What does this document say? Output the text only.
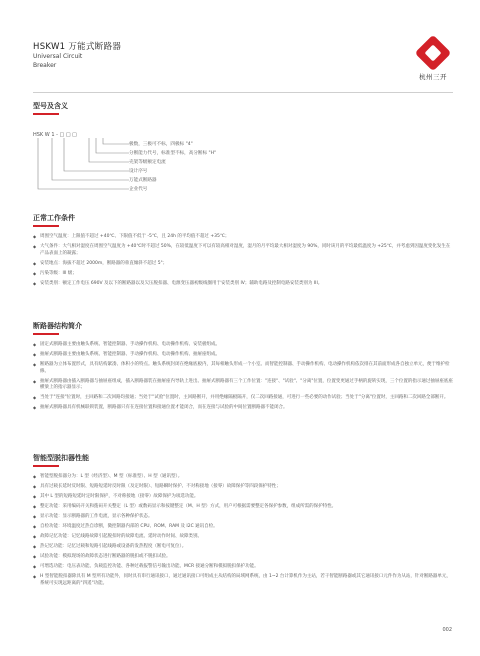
HSKW1 万能式断路器
Universal Circuit
Breaker
杭州三开
型号及含义
HSK W 1 - □ □ □
极数，三极可不标，四极标 "4"
分断能力代号，标准型不标，高分断标 "H"
壳架等级额定电流
设计序号
万能式断路器
企业代号
正常工作条件
◆ 周围空气温度：上限值不超过 +40℃、下限值不低于 -5℃，且 24h 的平均值不超过 +35℃；
◆ 大气条件：大气相对湿度在周围空气温度为 +40℃时不超过 50%，在较低温度下可以有较高相对湿度，湿月的月平均最大相对湿度为 90%，同时该月的平均最低温度为 +25℃，并考虑到因温度变化发生在产品表面上的凝露；
◆ 安装地点：海拔不超过 2000m，断路器的垂直倾斜不超过 5°；
◆ 污染等级：III 级；
◆ 安装类别：额定工作电压 690V 及以下的断路器以及欠压脱扣器、电源变压器初级线圈用于安装类别 IV；辅助电路及控制电路安装类别为 III。
断路器结构简介
◆ 固定式断路器主要由触头系统、智能控制器、手动操作机构、电动操作机构、安装板组成。
◆ 抽屉式断路器主要由触头系统、智能控制器、手动操作机构、电动操作机构、抽屉座组成。
◆ 断路器为立体布置形式，具有结构紧凑、体积小的特点。触头系统封闭在绝缘底板内，其每相触头形成一个小室。而智能控制器、手动操作机构、电动操作机构依次排在其前面形成各自独立单元，便于维护检修。
◆ 抽屉式断路器由插入断路器与抽屉座组成，插入断路器装在抽屉座内导轨上进出。抽屉式断路器有三个工作位置："连接"、"试验"、"分离"位置，位置变更通过手柄的旋转实现，三个位置的指示通过抽屉座底座横梁上的指示器显示；
◆ 当处于"连接"位置时，主回路和二次回路均接通；当处于"试验"位置时，主回路断开，并用绝缘隔板隔开，仅二次回路接通，可进行一些必要的动作试验；当处于"分离"位置时，主回路和二次回路全部断开。
◆ 抽屉式断路器具有机械联锁装置，断路器只有在连接位置和接通位置才能闭合，而在连接与试验的中间位置断路器不能闭合。
智能型脱扣器性能
◆ 智能型脱扣器分为：L 型（经济型）、M 型（标准型）、H 型（通讯型）。
◆ 具有过载长延时反时限、短路短延时反时限（及定时限）、短路瞬时保护、不对称接地（接零）故障保护等四段保护特性；
◆ 其中 L 型的短路短延时定时限保护，不对称接地（接零）故障保护为项选功能。
◆ 整定功能：采用编码开关和拨码开关整定（L 型）或数码显示和按键整定（M、H 型）方式，用户可根据需要整定各保护参数，组成所需的保护特性。
◆ 显示功能：显示断路器的工作电流，显示各种保护状态。
◆ 自检功能：环境温度过热自诊断，微控制器内部的 CPU、ROM、RAM 及 I2C 通讯自检。
◆ 故障记忆功能：记忆线路故障引起脱扣时的故障电流、延时动作时间、故障类别。
◆ 热记忆功能：记忆过载和短路引起线路或设备的发热程度（断电可复位）。
◆ 试验功能：模拟现场的故障状态进行断路器的脱扣或不脱扣试验。
◆ 可增选功能：电压表功能、负载监控功能、各种过载报警信号输出功能、MCR 接通分断和模拟脱扣保护功能。
◆ H 型智能脱扣器除具有 M 型所有功能外，同时具有串行通讯接口，通过通讯接口可组成主从结构的局域网系统，由 1~2 台计算机作为主站，若干智能断路器或其它通讯接口元件作为从站，针对断路器单元，系统可实现远距离的"四遥"功能。
002
